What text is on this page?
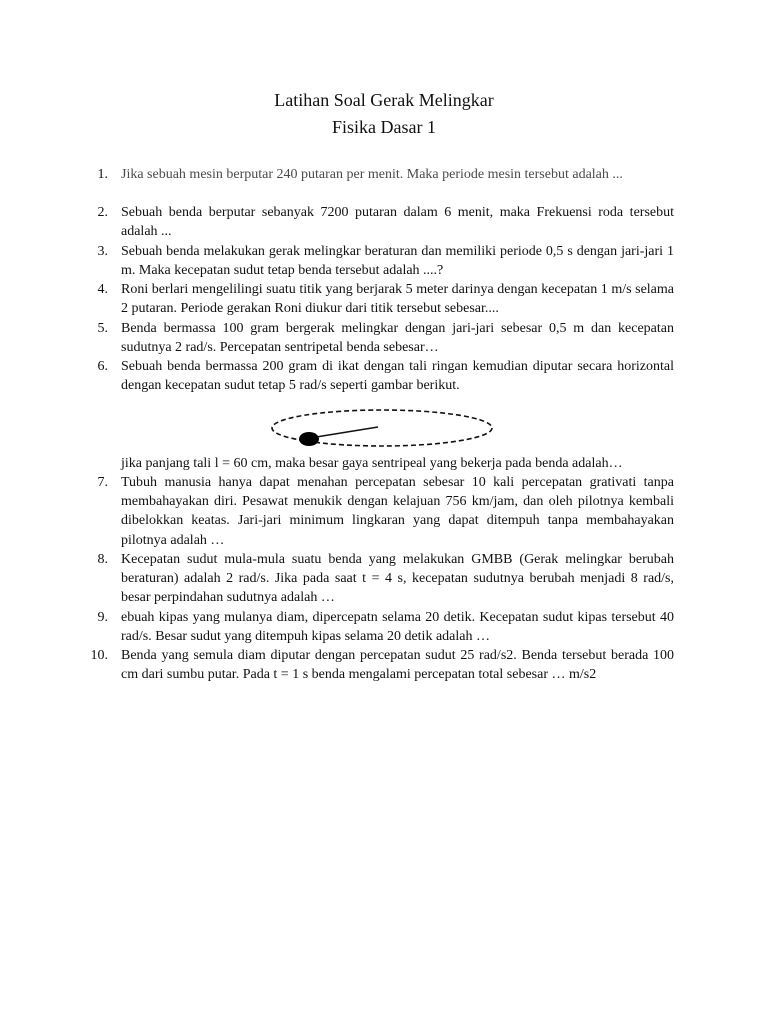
Latihan Soal Gerak Melingkar
Fisika Dasar 1
1. Jika sebuah mesin berputar 240 putaran per menit. Maka periode mesin tersebut adalah ...
2. Sebuah benda berputar sebanyak 7200 putaran dalam 6 menit, maka Frekuensi roda tersebut adalah ...
3. Sebuah benda melakukan gerak melingkar beraturan dan memiliki periode 0,5 s dengan jari-jari 1 m. Maka kecepatan sudut tetap benda tersebut adalah ....?
4. Roni berlari mengelilingi suatu titik yang berjarak 5 meter darinya dengan kecepatan 1 m/s selama 2 putaran. Periode gerakan Roni diukur dari titik tersebut sebesar....
5. Benda bermassa 100 gram bergerak melingkar dengan jari-jari sebesar 0,5 m dan kecepatan sudutnya 2 rad/s. Percepatan sentripetal benda sebesar…
6. Sebuah benda bermassa 200 gram di ikat dengan tali ringan kemudian diputar secara horizontal dengan kecepatan sudut tetap 5 rad/s seperti gambar berikut.
jika panjang tali l = 60 cm, maka besar gaya sentripeal yang bekerja pada benda adalah…
7. Tubuh manusia hanya dapat menahan percepatan sebesar 10 kali percepatan grativati tanpa membahayakan diri. Pesawat menukik dengan kelajuan 756 km/jam, dan oleh pilotnya kembali dibelokkan keatas. Jari-jari minimum lingkaran yang dapat ditempuh tanpa membahayakan pilotnya adalah …
8. Kecepatan sudut mula-mula suatu benda yang melakukan GMBB (Gerak melingkar berubah beraturan) adalah 2 rad/s. Jika pada saat t = 4 s, kecepatan sudutnya berubah menjadi 8 rad/s, besar perpindahan sudutnya adalah …
9. ebuah kipas yang mulanya diam, dipercepatn selama 20 detik. Kecepatan sudut kipas tersebut 40 rad/s. Besar sudut yang ditempuh kipas selama 20 detik adalah …
10. Benda yang semula diam diputar dengan percepatan sudut 25 rad/s2. Benda tersebut berada 100 cm dari sumbu putar. Pada t = 1 s benda mengalami percepatan total sebesar … m/s2
